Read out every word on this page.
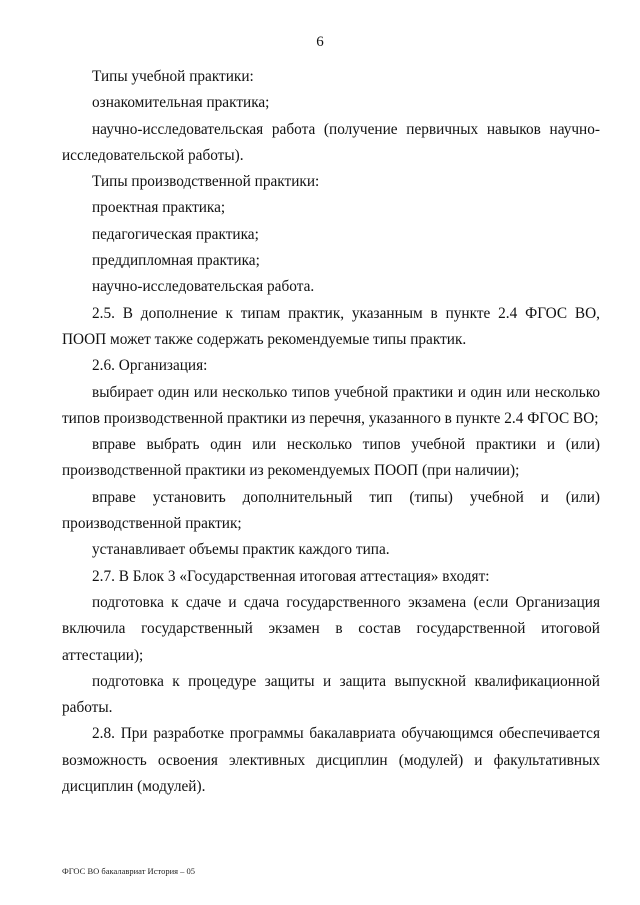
6

Типы учебной практики:

ознакомительная практика;

научно-исследовательская работа (получение первичных навыков научно-исследовательской работы).

Типы производственной практики:

проектная практика;

педагогическая практика;

преддипломная практика;

научно-исследовательская работа.

2.5. В дополнение к типам практик, указанным в пункте 2.4 ФГОС ВО, ПООП может также содержать рекомендуемые типы практик.

2.6. Организация:

выбирает один или несколько типов учебной практики и один или несколько типов производственной практики из перечня, указанного в пункте 2.4 ФГОС ВО;

вправе выбрать один или несколько типов учебной практики и (или) производственной практики из рекомендуемых ПООП (при наличии);

вправе установить дополнительный тип (типы) учебной и (или) производственной практик;

устанавливает объемы практик каждого типа.

2.7. В Блок 3 «Государственная итоговая аттестация» входят:

подготовка к сдаче и сдача государственного экзамена (если Организация включила государственный экзамен в состав государственной итоговой аттестации);

подготовка к процедуре защиты и защита выпускной квалификационной работы.

2.8. При разработке программы бакалавриата обучающимся обеспечивается возможность освоения элективных дисциплин (модулей) и факультативных дисциплин (модулей).

ФГОС ВО бакалавриат История – 05
